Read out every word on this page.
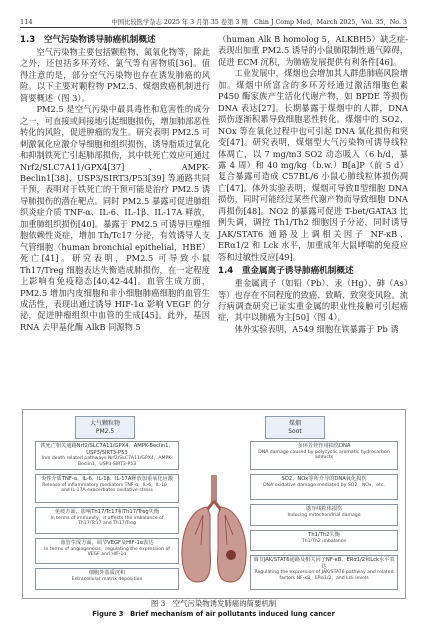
114	中国比较医学杂志 2025 年 3 月第 35 卷第 3 期　Chin J Comp Med，March 2025，Vol. 35，No. 3
1.3　空气污染物诱导肺癌机制概述

空气污染物主要包括颗粒物、氮氧化物等，除此之外，还包括多环芳烃、氯气等有害物质[36]。值得注意的是，部分空气污染物也存在诱发肺癌的风险。以下主要对颗粒物 PM2.5、煤烟致癌机制进行简要概述（图 3）。

PM2.5 是空气污染中最具毒性和危害性的成分之一，可直接或间接地引起细胞损伤，增加肺部恶性转化的风险，促进肿瘤的发生。研究表明 PM2.5 可刺激氧化应激介导细胞和组织损伤，诱导脂质过氧化和抑制铁死亡引起肺部损伤，其中铁死亡效应可通过 Nrf2/SLC7A11/GPX4[37]、AMPK-Beclin1[38]、USP3/SIRT3/P53[39] 等通路共同干预，表明对于铁死亡的干预可能是治疗 PM2.5 诱导肺损伤的潜在靶点。同时 PM2.5 暴露可促进肺组织炎症介质 TNF-α、IL-6、IL-1β、IL-17A 释放，加重肺组织损伤[40]。暴露于 PM2.5 可诱导巨噬细胞依赖性炎症，增加 Th/Tc17 分泌，有效诱导人支气管细胞（human bronchial epithelial，HBE）死亡[41]。研究表明，PM2.5 可导致小鼠 Th17/Treg 细胞表达失衡造成肺损伤，在一定程度上影响有免疫稳态[40,42-44]。血管生成方面，PM2.5 增加内皮细胞和非小细胞肺癌细胞的血管生成活性，表现出通过诱导 HIF-1α 影响 VEGF 的分泌，促进肿瘤组织中血管的生成[45]。此外，基因 RNA 去甲基化酶 AlkB 同源物 5

（human Alk B homolog 5，ALKBH5）缺乏症-表现出加重 PM2.5 诱导的小鼠肺限制性通气障碍，促进 ECM 沉积，为肺癌发展提供有利条件[46]。

工业发展中，煤烟也会增加其人群患肺癌风险增加。煤烟中所富含的多环芳烃通过激活细胞色素 P450 酶家族产生活化代谢产物，如 BPDE 等损伤 DNA 表达[27]。长期暴露于煤烟中的人群，DNA 损伤逐渐积累导致细胞恶性转化。煤烟中的 SO2、NOx 等在氧化过程中也可引起 DNA 氧化损伤和突变[47]。研究表明，煤烟型大气污染物可诱导线粒体凋亡，以 7 mg/m3 SO2 动态吸入（6 h/d，暴露 4 周）和 40 mg/kg（b.w.）B[a]P（前 5 d）复合暴露可造成 C57BL/6 小鼠心肺线粒体损伤凋亡[47]。体外实验表明，煤烟可导致Ⅱ型细胞 DNA 损伤，同时可能经过某些代谢产物而导致细胞 DNA 再损伤[48]。NO2 的暴露可促进 T-bet/GATA3 比例失调，调控 Th1/Th2 细胞因子分泌，同时诱导 JAK/STAT6 通路及上调相关因子 NF-κB、ERα1/2 和 Lck 水平，加重成年大鼠哮喘的免疫应答和过敏性反应[49]。

1.4　重金属离子诱导肺癌机制概述

重金属离子（如铅（Pb）、汞（Hg）、砷（As）等）也存在不同程度的致癌、致畸、致突变风险。流行病调查研究已证实重金属的职业性接触可引起癌症，其中以肺癌为主[50]（图 4）。

体外实验表明，A549 细胞在铁暴露于 Pb 诱

大气颗粒物
PM2.5
煤烟
Soot
铁死亡相关通路Nrf2/SLC7A11/GPX4、AMPK-Beclin1、USP3/SIRT3-P53
Iron death related pathways Nrf2/SLC7A11/GPX4，AMPK-Beclin1，USP3-SIRT3-P53
炎性介质TNF-α、IL-6、IL-1β、IL-17A释放加重氧化应激
Release of inflammatory mediators TNF-α，IL-6，IL-1β，and IL-17A exacerbates oxidative stress
免疫方面，影响Th17/Tc17和Th17/Treg失衡
In terms of immunity，it affects the imbalance of Th17/Tc17 and Th17/Treg
血管生成方面，调节VEGF及HIF-1α表达
In terms of angiogenesis，regulating the expression of VEGF and HIF-1α
细胞外基质沉积
Extracellular matrix deposition
多环芳烃作用损伤DNA
DNA damage caused by polycyclic aromatic hydrocarbon adducts
SO2、NOx等所介导的DNA氧化损伤
DNA oxidative damage mediated by SO2，NOx，etc.
诱导线粒体损伤
Inducing mitochondrial damage
Th1/Th2失衡
Th1/Th2 imbalance
调节JAK/STAT6通路及相关因子NF-κB、ERα1/2和Lck水平表达
Regulating the expression of JAK/STAT6 pathway and related factors NF-κB，ERα1/2，and Lck levels
图 3　空气污染物诱发肺癌的简要机制
Figure 3　Brief mechanism of air pollutants induced lung cancer
